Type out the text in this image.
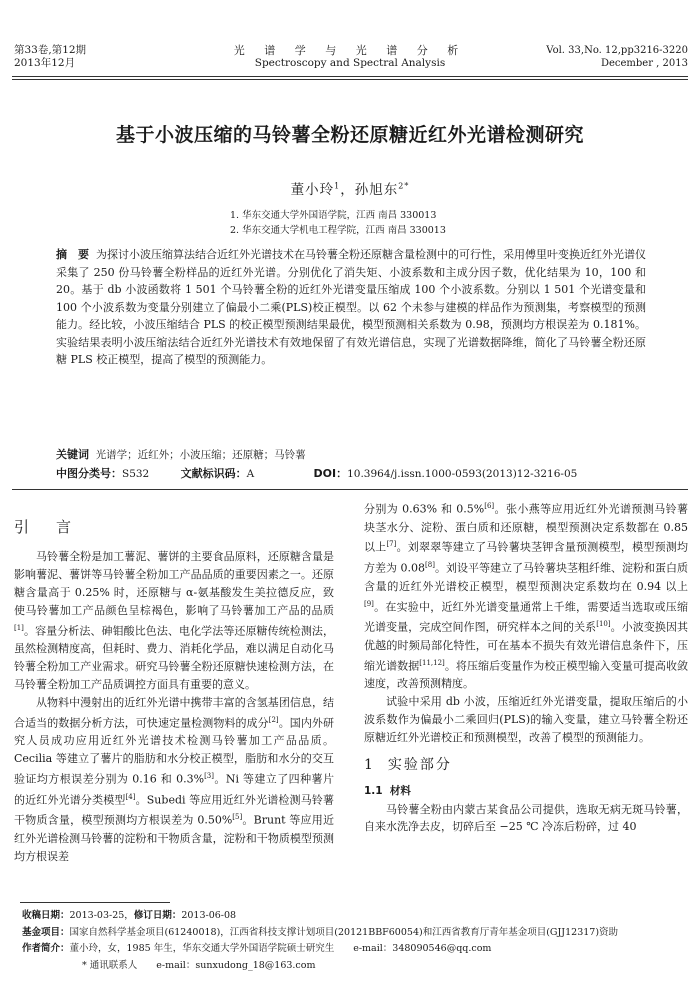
第33卷,第12期
2013年12月
光 谱 学 与 光 谱 分 析
Spectroscopy and Spectral Analysis
Vol. 33,No. 12,pp3216-3220
December , 2013
基于小波压缩的马铃薯全粉还原糖近红外光谱检测研究
董小玲$^1$，孙旭东$^{2*}$
1. 华东交通大学外国语学院，江西 南昌 330013
2. 华东交通大学机电工程学院，江西 南昌 330013
摘　要 为探讨小波压缩算法结合近红外光谱技术在马铃薯全粉还原糖含量检测中的可行性，采用傅里叶变换近红外光谱仪采集了 250 份马铃薯全粉样品的近红外光谱。分别优化了消失矩、小波系数和主成分因子数，优化结果为 10，100 和 20。基于 db 小波函数将 1 501 个马铃薯全粉的近红外光谱变量压缩成 100 个小波系数。分别以 1 501 个光谱变量和 100 个小波系数为变量分别建立了偏最小二乘(PLS)校正模型。以 62 个未参与建模的样品作为预测集，考察模型的预测能力。经比较，小波压缩结合 PLS 的校正模型预测结果最优，模型预测相关系数为 0.98，预测均方根误差为 0.181%。实验结果表明小波压缩法结合近红外光谱技术有效地保留了有效光谱信息，实现了光谱数据降维，简化了马铃薯全粉还原糖 PLS 校正模型，提高了模型的预测能力。
关键词 光谱学；近红外；小波压缩；还原糖；马铃薯
中图分类号：S532	文献标识码：A	DOI：10.3964/j.issn.1000-0593(2013)12-3216-05
引　言

马铃薯全粉是加工薯泥、薯饼的主要食品原料，还原糖含量是影响薯泥、薯饼等马铃薯全粉加工产品品质的重要因素之一。还原糖含量高于 0.25% 时，还原糖与 α-氨基酸发生美拉德反应，致使马铃薯加工产品颜色呈棕褐色，影响了马铃薯加工产品的品质[1]。容量分析法、砷钼酸比色法、电化学法等还原糖传统检测法，虽然检测精度高，但耗时、费力、消耗化学品，难以满足自动化马铃薯全粉加工产业需求。研究马铃薯全粉还原糖快速检测方法，在马铃薯全粉加工产品质调控方面具有重要的意义。

从物料中漫射出的近红外光谱中携带丰富的含氢基团信息，结合适当的数据分析方法，可快速定量检测物料的成分[2]。国内外研究人员成功应用近红外光谱技术检测马铃薯加工产品品质。Cecilia 等建立了薯片的脂肪和水分校正模型，脂肪和水分的交互验证均方根误差分别为 0.16 和 0.3%[3]。Ni 等建立了四种薯片的近红外光谱分类模型[4]。Subedi 等应用近红外光谱检测马铃薯干物质含量，模型预测均方根误差为 0.50%[5]。Brunt 等应用近红外光谱检测马铃薯的淀粉和干物质含量，淀粉和干物质模型预测均方根误差

分别为 0.63% 和 0.5%[6]。张小燕等应用近红外光谱预测马铃薯块茎水分、淀粉、蛋白质和还原糖，模型预测决定系数都在 0.85 以上[7]。刘翠翠等建立了马铃薯块茎钾含量预测模型，模型预测均方差为 0.08[8]。刘设平等建立了马铃薯块茎粗纤维、淀粉和蛋白质含量的近红外光谱校正模型，模型预测决定系数均在 0.94 以上[9]。在实验中，近红外光谱变量通常上千维，需要适当选取或压缩光谱变量，完成空间作图，研究样本之间的关系[10]。小波变换因其优越的时频局部化特性，可在基本不损失有效光谱信息条件下，压缩光谱数据[11,12]。将压缩后变量作为校正模型输入变量可提高收敛速度，改善预测精度。

试验中采用 db 小波，压缩近红外光谱变量，提取压缩后的小波系数作为偏最小二乘回归(PLS)的输入变量，建立马铃薯全粉还原糖近红外光谱校正和预测模型，改善了模型的预测能力。

1 实验部分
1.1 材料

马铃薯全粉由内蒙古某食品公司提供，选取无病无斑马铃薯，自来水洗净去皮，切碎后至 −25 ℃ 冷冻后粉碎，过 40

收稿日期：2013-03-25，修订日期：2013-06-08
基金项目：国家自然科学基金项目(61240018)，江西省科技支撑计划项目(20121BBF60054)和江西省教育厅青年基金项目(GJJ12317)资助
作者简介：董小玲，女，1985 年生，华东交通大学外国语学院硕士研究生　　e-mail：348090546@qq.com
* 通讯联系人　　e-mail：sunxudong_18@163.com
